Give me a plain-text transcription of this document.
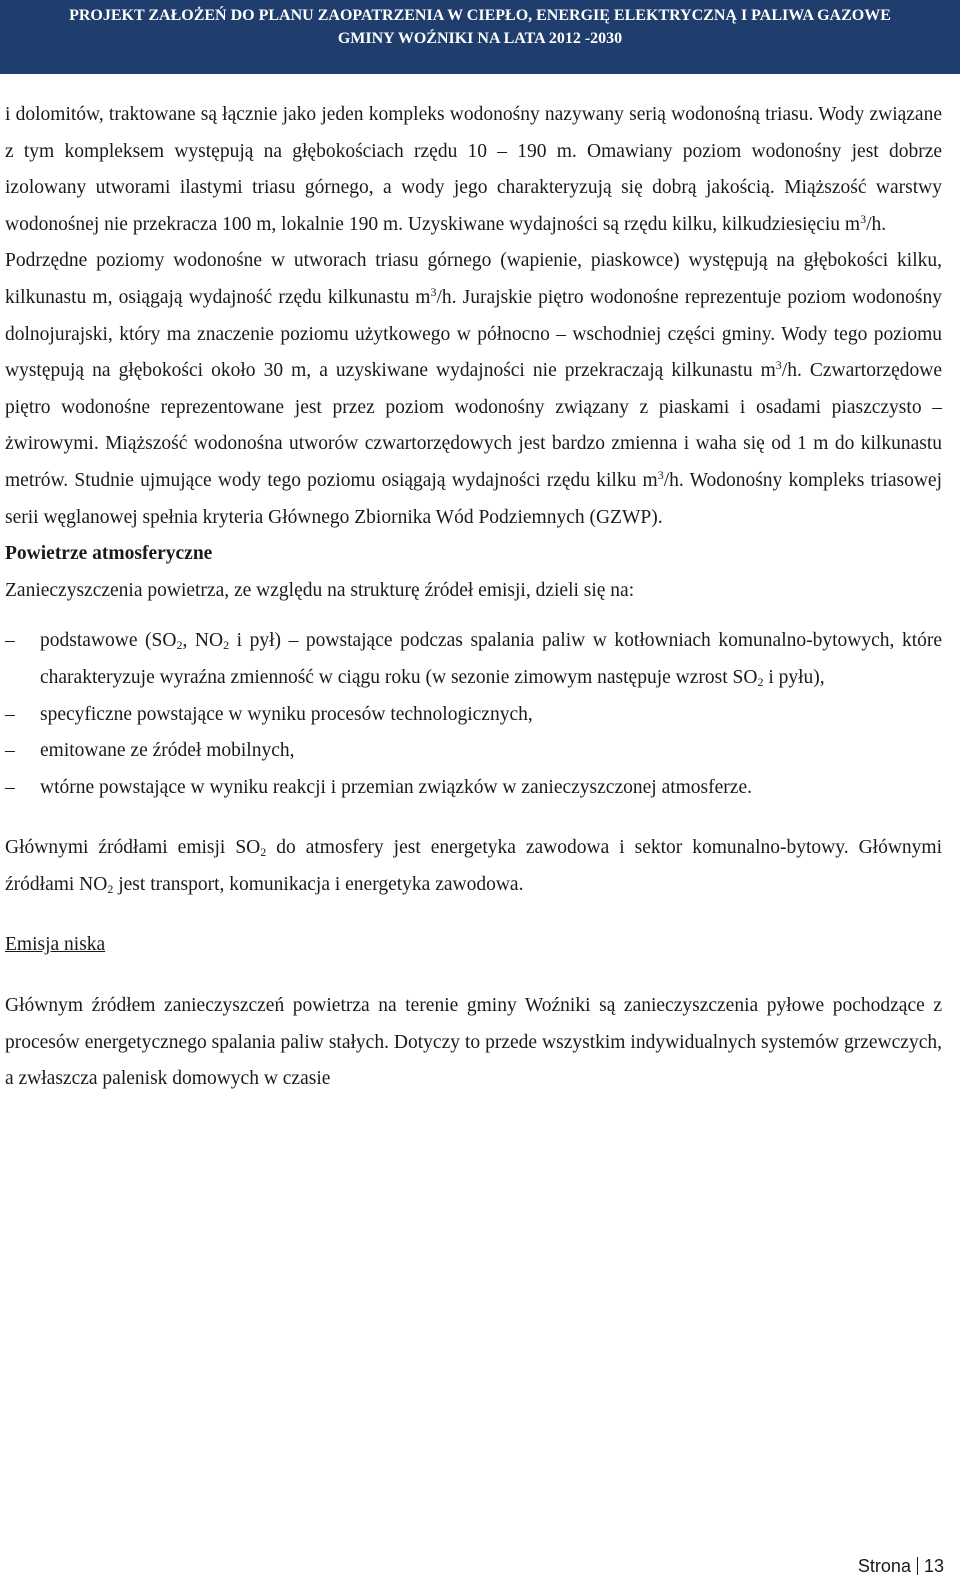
PROJEKT ZAŁOŻEŃ DO PLANU ZAOPATRZENIA W CIEPŁO, ENERGIĘ ELEKTRYCZNĄ I PALIWA GAZOWE
GMINY WOŹNIKI NA LATA 2012 -2030

i dolomitów, traktowane są łącznie jako jeden kompleks wodonośny nazywany serią wodonośną triasu. Wody związane z tym kompleksem występują na głębokościach rzędu 10 – 190 m. Omawiany poziom wodonośny jest dobrze izolowany utworami ilastymi triasu górnego, a wody jego charakteryzują się dobrą jakością. Miąższość warstwy wodonośnej nie przekracza 100 m, lokalnie 190 m. Uzyskiwane wydajności są rzędu kilku, kilkudziesięciu $m^3/h$.

Podrzędne poziomy wodonośne w utworach triasu górnego (wapienie, piaskowce) występują na głębokości kilku, kilkunastu m, osiągają wydajność rzędu kilkunastu $m^3/h$. Jurajskie piętro wodonośne reprezentuje poziom wodonośny dolnojurajski, który ma znaczenie poziomu użytkowego w północno – wschodniej części gminy. Wody tego poziomu występują na głębokości około 30 m, a uzyskiwane wydajności nie przekraczają kilkunastu $m^3/h$. Czwartorzędowe piętro wodonośne reprezentowane jest przez poziom wodonośny związany z piaskami i osadami piaszczysto – żwirowymi. Miąższość wodonośna utworów czwartorzędowych jest bardzo zmienna i waha się od 1 m do kilkunastu metrów. Studnie ujmujące wody tego poziomu osiągają wydajności rzędu kilku $m^3/h$. Wodonośny kompleks triasowej serii węglanowej spełnia kryteria Głównego Zbiornika Wód Podziemnych (GZWP).

Powietrze atmosferyczne

Zanieczyszczenia powietrza, ze względu na strukturę źródeł emisji, dzieli się na:

– podstawowe ($SO_2$, $NO_2$ i pył) – powstające podczas spalania paliw w kotłowniach komunalno-bytowych, które charakteryzuje wyraźna zmienność w ciągu roku (w sezonie zimowym następuje wzrost $SO_2$ i pyłu),

– specyficzne powstające w wyniku procesów technologicznych,

– emitowane ze źródeł mobilnych,

– wtórne powstające w wyniku reakcji i przemian związków w zanieczyszczonej atmosferze.

Głównymi źródłami emisji $SO_2$ do atmosfery jest energetyka zawodowa i sektor komunalno-bytowy. Głównymi źródłami $NO_2$ jest transport, komunikacja i energetyka zawodowa.

Emisja niska

Głównym źródłem zanieczyszczeń powietrza na terenie gminy Woźniki są zanieczyszczenia pyłowe pochodzące z procesów energetycznego spalania paliw stałych. Dotyczy to przede wszystkim indywidualnych systemów grzewczych, a zwłaszcza palenisk domowych w czasie

Strona 13
